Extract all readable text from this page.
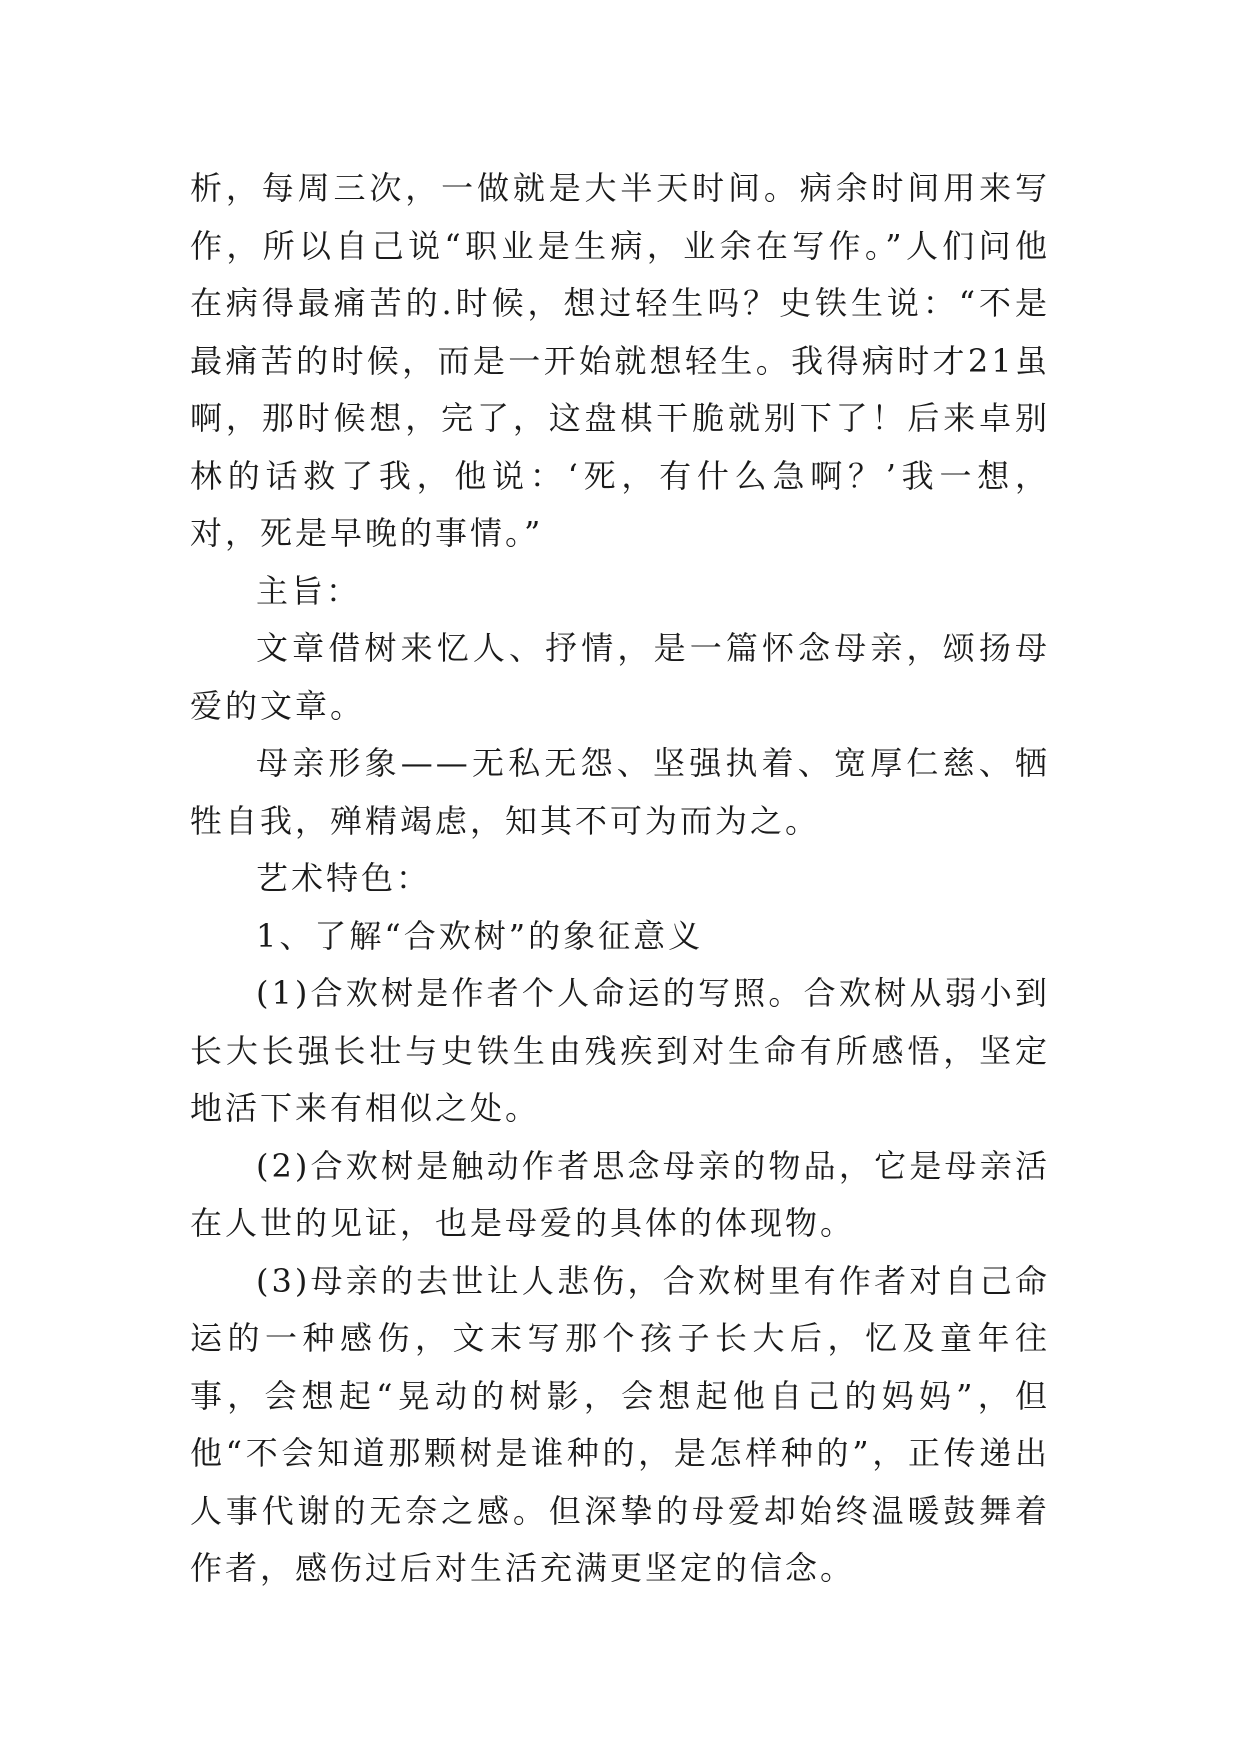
析，每周三次，一做就是大半天时间。病余时间用来写作，所以自己说“职业是生病，业余在写作。”人们问他在病得最痛苦的.时候，想过轻生吗？史铁生说：“不是最痛苦的时候，而是一开始就想轻生。我得病时才21虽啊，那时候想，完了，这盘棋干脆就别下了！后来卓别林的话救了我，他说：‘死，有什么急啊？’我一想，对，死是早晚的事情。”

主旨：

文章借树来忆人、抒情，是一篇怀念母亲，颂扬母爱的文章。

母亲形象——无私无怨、坚强执着、宽厚仁慈、牺牲自我，殚精竭虑，知其不可为而为之。

艺术特色：

1、了解“合欢树”的象征意义

(1)合欢树是作者个人命运的写照。合欢树从弱小到长大长强长壮与史铁生由残疾到对生命有所感悟，坚定地活下来有相似之处。

(2)合欢树是触动作者思念母亲的物品，它是母亲活在人世的见证，也是母爱的具体的体现物。

(3)母亲的去世让人悲伤，合欢树里有作者对自己命运的一种感伤，文末写那个孩子长大后，忆及童年往事，会想起“晃动的树影，会想起他自己的妈妈”，但他“不会知道那颗树是谁种的，是怎样种的”，正传递出人事代谢的无奈之感。但深挚的母爱却始终温暖鼓舞着作者，感伤过后对生活充满更坚定的信念。
